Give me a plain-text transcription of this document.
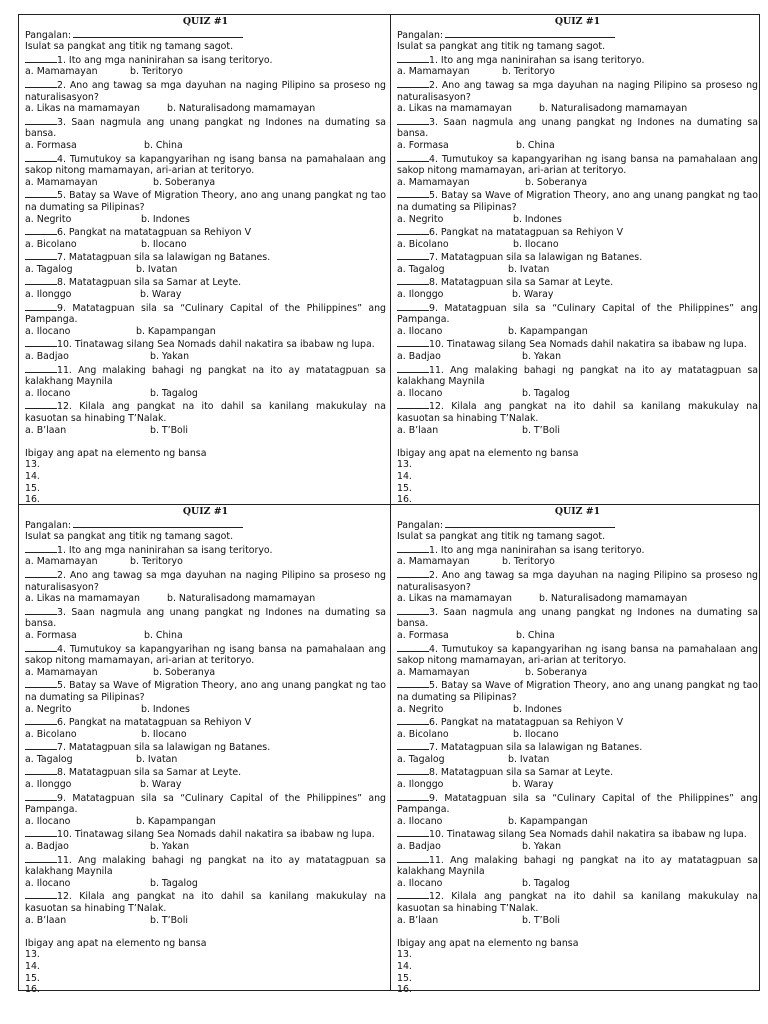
QUIZ #1
Pangalan:
Isulat sa pangkat ang titik ng tamang sagot.
1. Ito ang mga naninirahan sa isang teritoryo.
a. Mamamayan	b. Teritoryo
2. Ano ang tawag sa mga dayuhan na naging Pilipino sa proseso ng naturalisasyon?
a. Likas na mamamayan	b. Naturalisadong mamamayan
3. Saan nagmula ang unang pangkat ng Indones na dumating sa bansa.
a. Formasa	b. China
4. Tumutukoy sa kapangyarihan ng isang bansa na pamahalaan ang sakop nitong mamamayan, ari-arian at teritoryo.
a. Mamamayan	b. Soberanya
5. Batay sa Wave of Migration Theory, ano ang unang pangkat ng tao na dumating sa Pilipinas?
a. Negrito	b. Indones
6. Pangkat na matatagpuan sa Rehiyon V
a. Bicolano	b. Ilocano
7. Matatagpuan sila sa lalawigan ng Batanes.
a. Tagalog	b. Ivatan
8. Matatagpuan sila sa Samar at Leyte.
a. Ilonggo	b. Waray
9. Matatagpuan sila sa “Culinary Capital of the Philippines” ang Pampanga.
a. Ilocano	b. Kapampangan
10. Tinatawag silang Sea Nomads dahil nakatira sa ibabaw ng lupa.
a. Badjao	b. Yakan
11. Ang malaking bahagi ng pangkat na ito ay matatagpuan sa kalakhang Maynila
a. Ilocano	b. Tagalog
12. Kilala ang pangkat na ito dahil sa kanilang makukulay na kasuotan sa hinabing T’Nalak.
a. B’laan	b. T’Boli
Ibigay ang apat na elemento ng bansa
13.
14.
15.
16.
QUIZ #1
Pangalan:
Isulat sa pangkat ang titik ng tamang sagot.
1. Ito ang mga naninirahan sa isang teritoryo.
a. Mamamayan	b. Teritoryo
2. Ano ang tawag sa mga dayuhan na naging Pilipino sa proseso ng naturalisasyon?
a. Likas na mamamayan	b. Naturalisadong mamamayan
3. Saan nagmula ang unang pangkat ng Indones na dumating sa bansa.
a. Formasa	b. China
4. Tumutukoy sa kapangyarihan ng isang bansa na pamahalaan ang sakop nitong mamamayan, ari-arian at teritoryo.
a. Mamamayan	b. Soberanya
5. Batay sa Wave of Migration Theory, ano ang unang pangkat ng tao na dumating sa Pilipinas?
a. Negrito	b. Indones
6. Pangkat na matatagpuan sa Rehiyon V
a. Bicolano	b. Ilocano
7. Matatagpuan sila sa lalawigan ng Batanes.
a. Tagalog	b. Ivatan
8. Matatagpuan sila sa Samar at Leyte.
a. Ilonggo	b. Waray
9. Matatagpuan sila sa “Culinary Capital of the Philippines” ang Pampanga.
a. Ilocano	b. Kapampangan
10. Tinatawag silang Sea Nomads dahil nakatira sa ibabaw ng lupa.
a. Badjao	b. Yakan
11. Ang malaking bahagi ng pangkat na ito ay matatagpuan sa kalakhang Maynila
a. Ilocano	b. Tagalog
12. Kilala ang pangkat na ito dahil sa kanilang makukulay na kasuotan sa hinabing T’Nalak.
a. B’laan	b. T’Boli
Ibigay ang apat na elemento ng bansa
13.
14.
15.
16.
QUIZ #1
Pangalan:
Isulat sa pangkat ang titik ng tamang sagot.
1. Ito ang mga naninirahan sa isang teritoryo.
a. Mamamayan	b. Teritoryo
2. Ano ang tawag sa mga dayuhan na naging Pilipino sa proseso ng naturalisasyon?
a. Likas na mamamayan	b. Naturalisadong mamamayan
3. Saan nagmula ang unang pangkat ng Indones na dumating sa bansa.
a. Formasa	b. China
4. Tumutukoy sa kapangyarihan ng isang bansa na pamahalaan ang sakop nitong mamamayan, ari-arian at teritoryo.
a. Mamamayan	b. Soberanya
5. Batay sa Wave of Migration Theory, ano ang unang pangkat ng tao na dumating sa Pilipinas?
a. Negrito	b. Indones
6. Pangkat na matatagpuan sa Rehiyon V
a. Bicolano	b. Ilocano
7. Matatagpuan sila sa lalawigan ng Batanes.
a. Tagalog	b. Ivatan
8. Matatagpuan sila sa Samar at Leyte.
a. Ilonggo	b. Waray
9. Matatagpuan sila sa “Culinary Capital of the Philippines” ang Pampanga.
a. Ilocano	b. Kapampangan
10. Tinatawag silang Sea Nomads dahil nakatira sa ibabaw ng lupa.
a. Badjao	b. Yakan
11. Ang malaking bahagi ng pangkat na ito ay matatagpuan sa kalakhang Maynila
a. Ilocano	b. Tagalog
12. Kilala ang pangkat na ito dahil sa kanilang makukulay na kasuotan sa hinabing T’Nalak.
a. B’laan	b. T’Boli
Ibigay ang apat na elemento ng bansa
13.
14.
15.
16.
QUIZ #1
Pangalan:
Isulat sa pangkat ang titik ng tamang sagot.
1. Ito ang mga naninirahan sa isang teritoryo.
a. Mamamayan	b. Teritoryo
2. Ano ang tawag sa mga dayuhan na naging Pilipino sa proseso ng naturalisasyon?
a. Likas na mamamayan	b. Naturalisadong mamamayan
3. Saan nagmula ang unang pangkat ng Indones na dumating sa bansa.
a. Formasa	b. China
4. Tumutukoy sa kapangyarihan ng isang bansa na pamahalaan ang sakop nitong mamamayan, ari-arian at teritoryo.
a. Mamamayan	b. Soberanya
5. Batay sa Wave of Migration Theory, ano ang unang pangkat ng tao na dumating sa Pilipinas?
a. Negrito	b. Indones
6. Pangkat na matatagpuan sa Rehiyon V
a. Bicolano	b. Ilocano
7. Matatagpuan sila sa lalawigan ng Batanes.
a. Tagalog	b. Ivatan
8. Matatagpuan sila sa Samar at Leyte.
a. Ilonggo	b. Waray
9. Matatagpuan sila sa “Culinary Capital of the Philippines” ang Pampanga.
a. Ilocano	b. Kapampangan
10. Tinatawag silang Sea Nomads dahil nakatira sa ibabaw ng lupa.
a. Badjao	b. Yakan
11. Ang malaking bahagi ng pangkat na ito ay matatagpuan sa kalakhang Maynila
a. Ilocano	b. Tagalog
12. Kilala ang pangkat na ito dahil sa kanilang makukulay na kasuotan sa hinabing T’Nalak.
a. B’laan	b. T’Boli
Ibigay ang apat na elemento ng bansa
13.
14.
15.
16.
